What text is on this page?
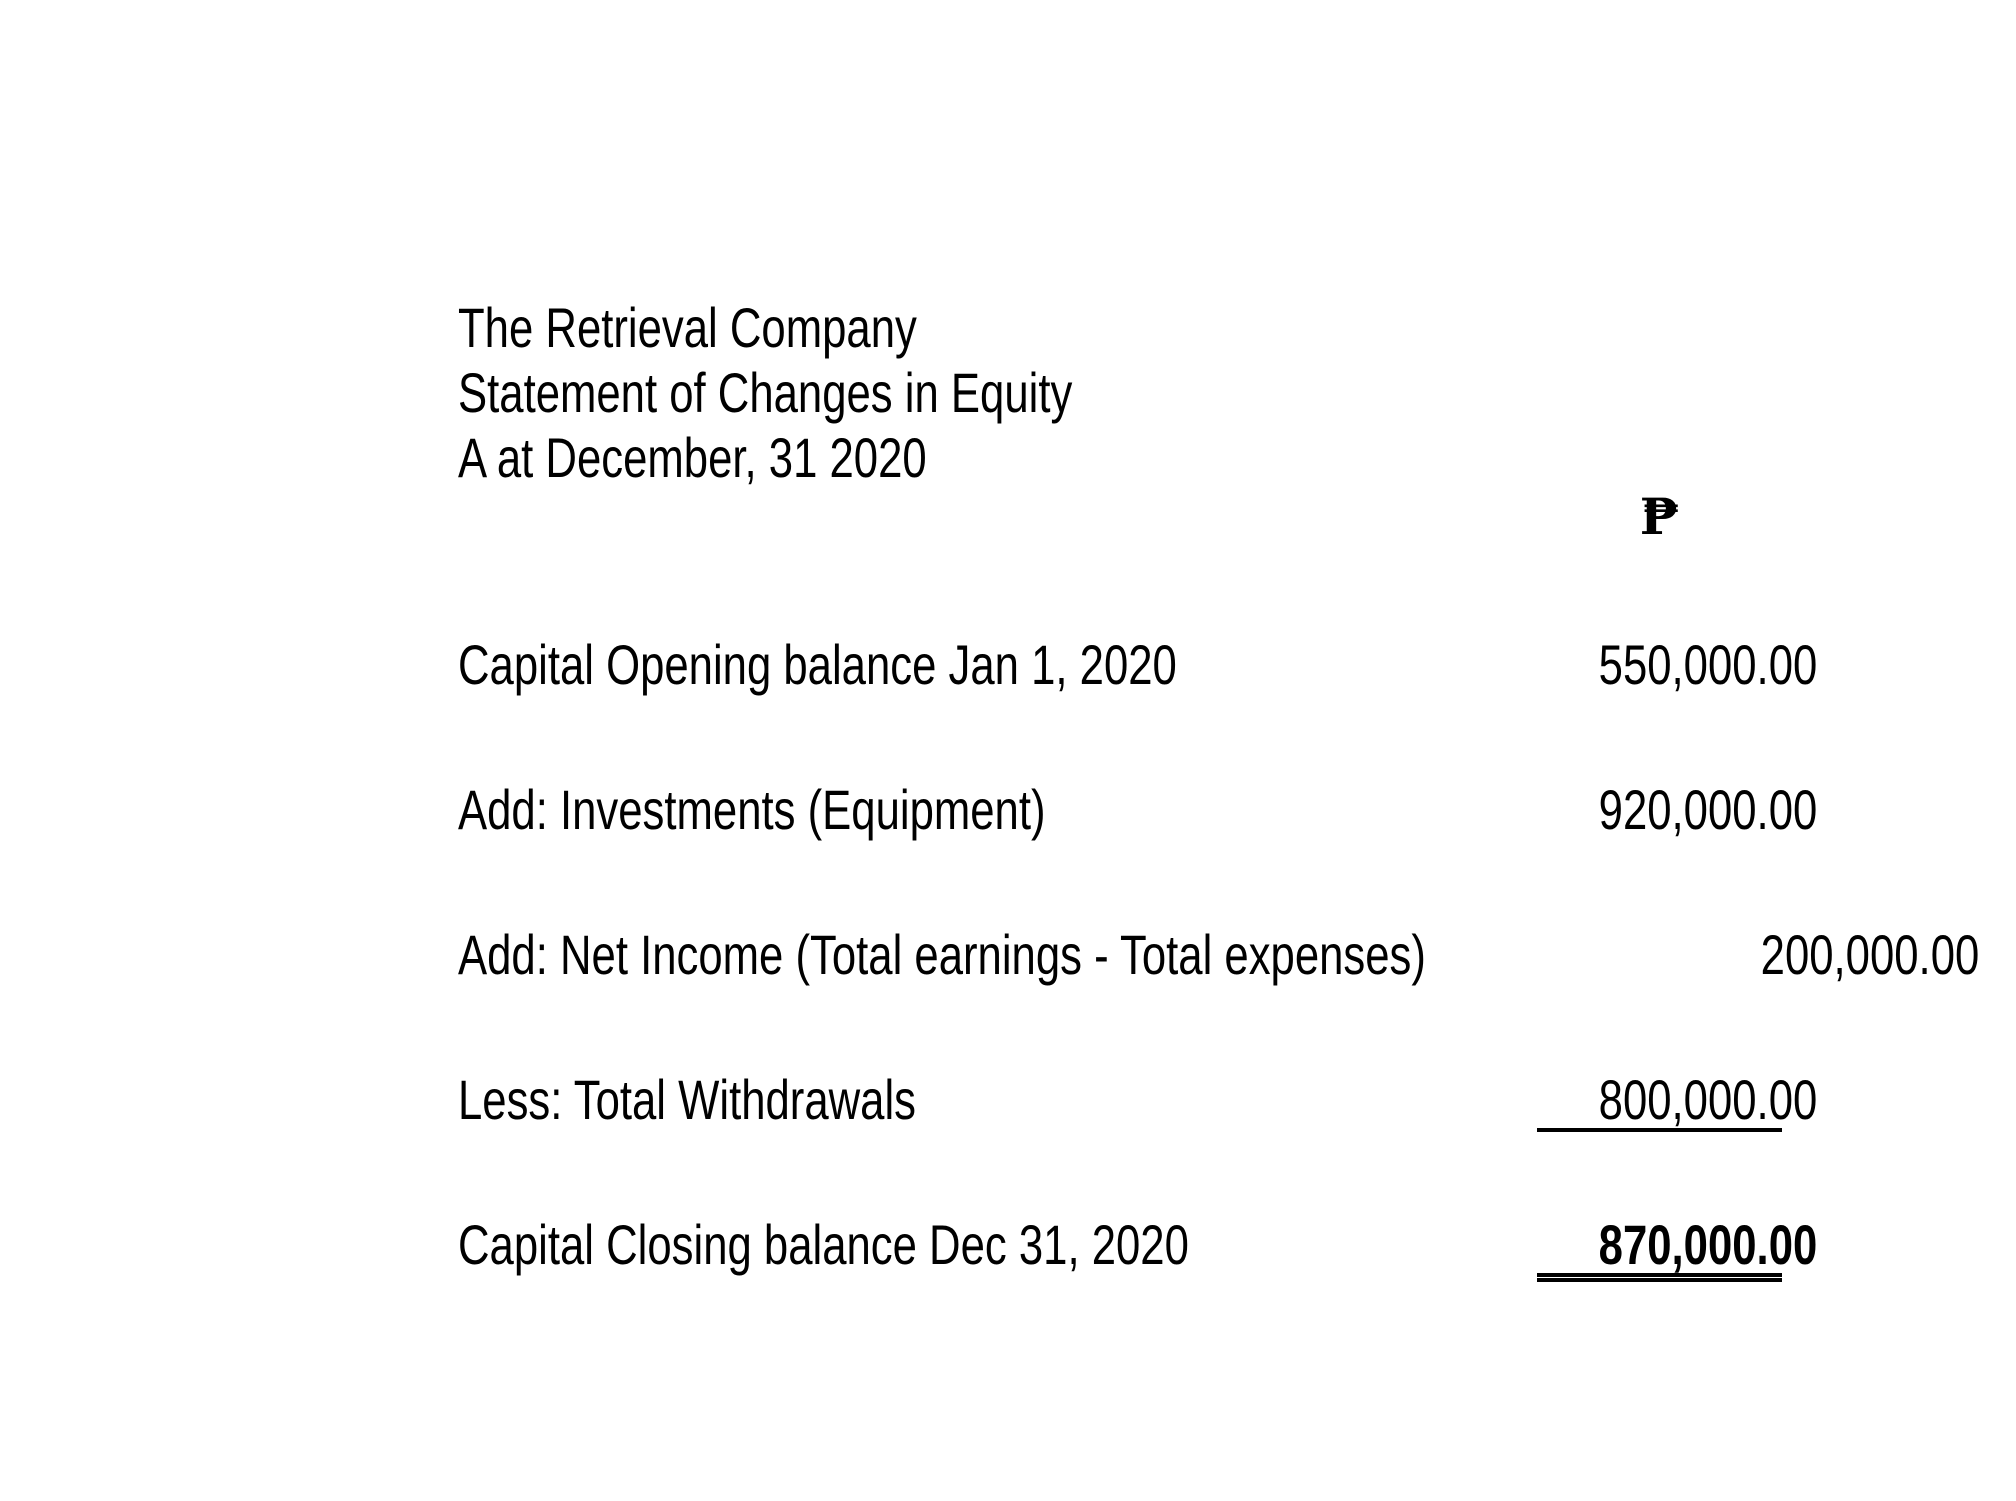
The Retrieval Company
Statement of Changes in Equity
A at December, 31 2020
₱
Capital Opening balance Jan 1, 2020	550,000.00
Add: Investments (Equipment)	920,000.00
Add: Net Income (Total earnings - Total expenses)	200,000.00
Less: Total Withdrawals	800,000.00
Capital Closing balance Dec 31, 2020	870,000.00
